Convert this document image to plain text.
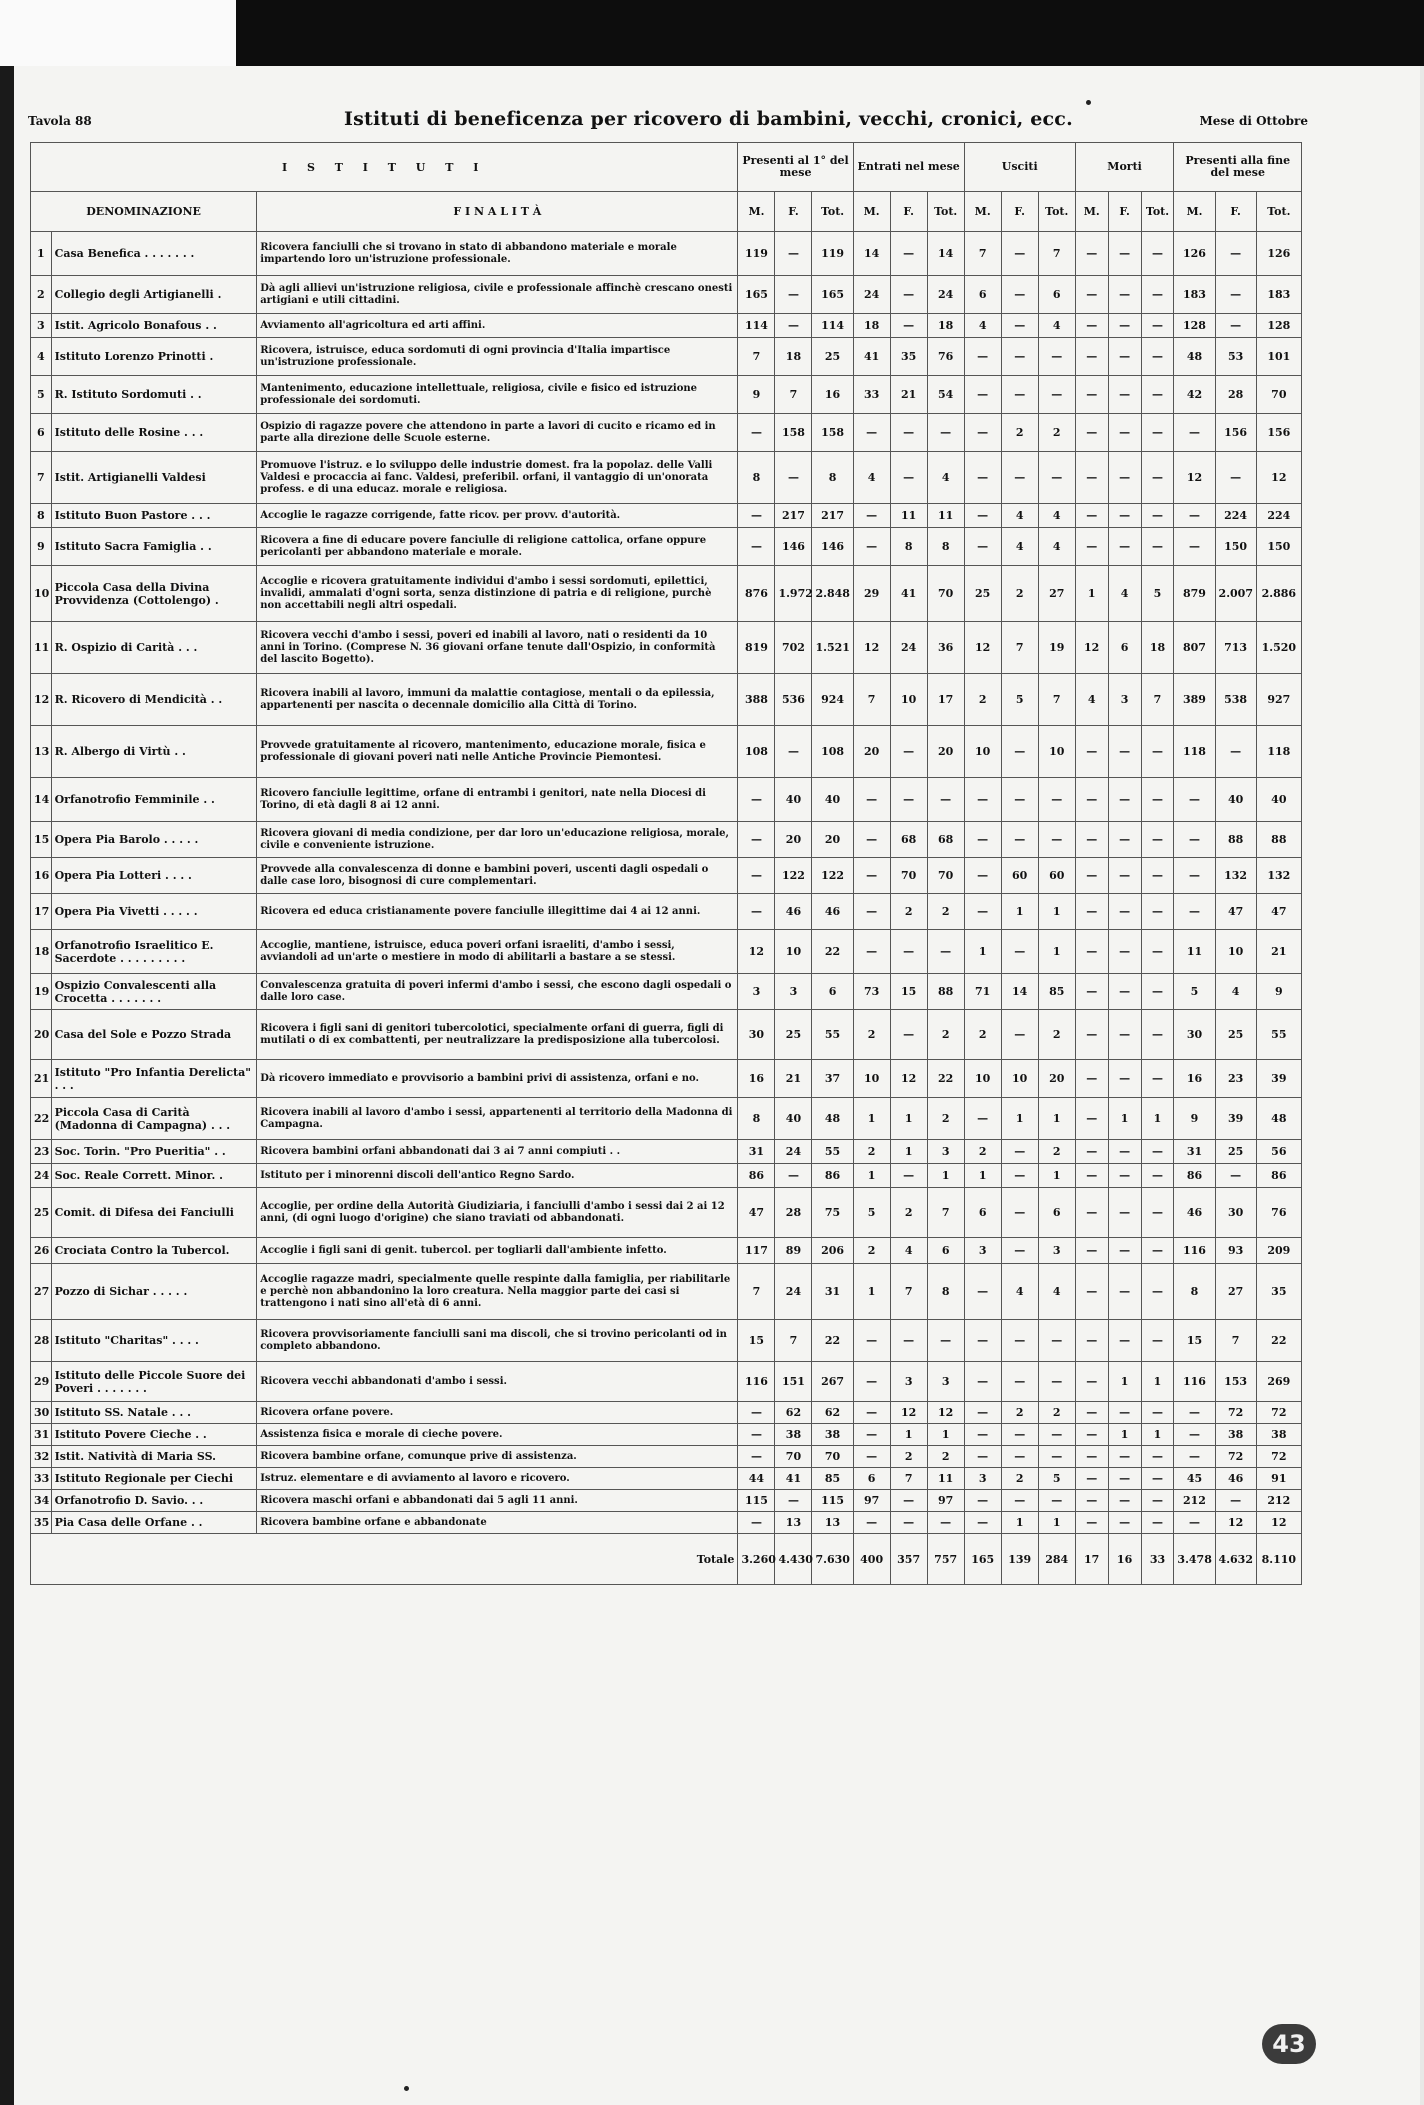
Tavola 88	Istituti di beneficenza per ricovero di bambini, vecchi, cronici, ecc.	Mese di Ottobre
I S T I T U T I			Presenti al 1° del mese			Entrati nel mese			Usciti			Morti			Presenti alla fine del mese		
DENOMINAZIONE		F I N A L I T À	M.	F.	Tot.	M.	F.	Tot.	M.	F.	Tot.	M.	F.	Tot.	M.	F.	Tot.
1	Casa Benefica . . . . . . .	Ricovera fanciulli che si trovano in stato di abbandono materiale e morale impartendo loro un'istruzione professionale.	119	—	119	14	—	14	7	—	7	—	—	—	126	—	126
2	Collegio degli Artigianelli .	Dà agli allievi un'istruzione religiosa, civile e professionale affinchè crescano onesti artigiani e utili cittadini.	165	—	165	24	—	24	6	—	6	—	—	—	183	—	183
3	Istit. Agricolo Bonafous . .	Avviamento all'agricoltura ed arti affini.	114	—	114	18	—	18	4	—	4	—	—	—	128	—	128
4	Istituto Lorenzo Prinotti .	Ricovera, istruisce, educa sordomuti di ogni provincia d'Italia impartisce un'istruzione professionale.	7	18	25	41	35	76	—	—	—	—	—	—	48	53	101
5	R. Istituto Sordomuti . .	Mantenimento, educazione intellettuale, religiosa, civile e fisico ed istruzione professionale dei sordomuti.	9	7	16	33	21	54	—	—	—	—	—	—	42	28	70
6	Istituto delle Rosine . . .	Ospizio di ragazze povere che attendono in parte a lavori di cucito e ricamo ed in parte alla direzione delle Scuole esterne.	—	158	158	—	—	—	—	2	2	—	—	—	—	156	156
7	Istit. Artigianelli Valdesi	Promuove l'istruz. e lo sviluppo delle industrie domest. fra la popolaz. delle Valli Valdesi e procaccia ai fanc. Valdesi, preferibil. orfani, il vantaggio di un'onorata profess. e di una educaz. morale e religiosa.	8	—	8	4	—	4	—	—	—	—	—	—	12	—	12
8	Istituto Buon Pastore . . .	Accoglie le ragazze corrigende, fatte ricov. per provv. d'autorità.	—	217	217	—	11	11	—	4	4	—	—	—	—	224	224
9	Istituto Sacra Famiglia . .	Ricovera a fine di educare povere fanciulle di religione cattolica, orfane oppure pericolanti per abbandono materiale e morale.	—	146	146	—	8	8	—	4	4	—	—	—	—	150	150
10	Piccola Casa della Divina Provvidenza (Cottolengo) .	Accoglie e ricovera gratuitamente individui d'ambo i sessi sordomuti, epilettici, invalidi, ammalati d'ogni sorta, senza distinzione di patria e di religione, purchè non accettabili negli altri ospedali.	876	1.972	2.848	29	41	70	25	2	27	1	4	5	879	2.007	2.886
11	R. Ospizio di Carità . . .	Ricovera vecchi d'ambo i sessi, poveri ed inabili al lavoro, nati o residenti da 10 anni in Torino. (Comprese N. 36 giovani orfane tenute dall'Ospizio, in conformità del lascito Bogetto).	819	702	1.521	12	24	36	12	7	19	12	6	18	807	713	1.520
12	R. Ricovero di Mendicità . .	Ricovera inabili al lavoro, immuni da malattie contagiose, mentali o da epilessia, appartenenti per nascita o decennale domicilio alla Città di Torino.	388	536	924	7	10	17	2	5	7	4	3	7	389	538	927
13	R. Albergo di Virtù . .	Provvede gratuitamente al ricovero, mantenimento, educazione morale, fisica e professionale di giovani poveri nati nelle Antiche Provincie Piemontesi.	108	—	108	20	—	20	10	—	10	—	—	—	118	—	118
14	Orfanotrofio Femminile . .	Ricovero fanciulle legittime, orfane di entrambi i genitori, nate nella Diocesi di Torino, di età dagli 8 ai 12 anni.	—	40	40	—	—	—	—	—	—	—	—	—	—	40	40
15	Opera Pia Barolo . . . . .	Ricovera giovani di media condizione, per dar loro un'educazione religiosa, morale, civile e conveniente istruzione.	—	20	20	—	68	68	—	—	—	—	—	—	—	88	88
16	Opera Pia Lotteri . . . .	Provvede alla convalescenza di donne e bambini poveri, uscenti dagli ospedali o dalle case loro, bisognosi di cure complementari.	—	122	122	—	70	70	—	60	60	—	—	—	—	132	132
17	Opera Pia Vivetti . . . . .	Ricovera ed educa cristianamente povere fanciulle illegittime dai 4 ai 12 anni.	—	46	46	—	2	2	—	1	1	—	—	—	—	47	47
18	Orfanotrofio Israelitico E. Sacerdote . . . . . . . . .	Accoglie, mantiene, istruisce, educa poveri orfani israeliti, d'ambo i sessi, avviandoli ad un'arte o mestiere in modo di abilitarli a bastare a se stessi.	12	10	22	—	—	—	1	—	1	—	—	—	11	10	21
19	Ospizio Convalescenti alla Crocetta . . . . . . .	Convalescenza gratuita di poveri infermi d'ambo i sessi, che escono dagli ospedali o dalle loro case.	3	3	6	73	15	88	71	14	85	—	—	—	5	4	9
20	Casa del Sole e Pozzo Strada	Ricovera i figli sani di genitori tubercolotici, specialmente orfani di guerra, figli di mutilati o di ex combattenti, per neutralizzare la predisposizione alla tubercolosi.	30	25	55	2	—	2	2	—	2	—	—	—	30	25	55
21	Istituto "Pro Infantia Derelicta" . . .	Dà ricovero immediato e provvisorio a bambini privi di assistenza, orfani e no.	16	21	37	10	12	22	10	10	20	—	—	—	16	23	39
22	Piccola Casa di Carità (Madonna di Campagna) . . .	Ricovera inabili al lavoro d'ambo i sessi, appartenenti al territorio della Madonna di Campagna.	8	40	48	1	1	2	—	1	1	—	1	1	9	39	48
23	Soc. Torin. "Pro Pueritia" . .	Ricovera bambini orfani abbandonati dai 3 ai 7 anni compiuti . .	31	24	55	2	1	3	2	—	2	—	—	—	31	25	56
24	Soc. Reale Corrett. Minor. .	Istituto per i minorenni discoli dell'antico Regno Sardo.	86	—	86	1	—	1	1	—	1	—	—	—	86	—	86
25	Comit. di Difesa dei Fanciulli	Accoglie, per ordine della Autorità Giudiziaria, i fanciulli d'ambo i sessi dai 2 ai 12 anni, (di ogni luogo d'origine) che siano traviati od abbandonati.	47	28	75	5	2	7	6	—	6	—	—	—	46	30	76
26	Crociata Contro la Tubercol.	Accoglie i figli sani di genit. tubercol. per togliarli dall'ambiente infetto.	117	89	206	2	4	6	3	—	3	—	—	—	116	93	209
27	Pozzo di Sichar . . . . .	Accoglie ragazze madri, specialmente quelle respinte dalla famiglia, per riabilitarle e perchè non abbandonino la loro creatura. Nella maggior parte dei casi si trattengono i nati sino all'età di 6 anni.	7	24	31	1	7	8	—	4	4	—	—	—	8	27	35
28	Istituto "Charitas" . . . .	Ricovera provvisoriamente fanciulli sani ma discoli, che si trovino pericolanti od in completo abbandono.	15	7	22	—	—	—	—	—	—	—	—	—	15	7	22
29	Istituto delle Piccole Suore dei Poveri . . . . . . .	Ricovera vecchi abbandonati d'ambo i sessi.	116	151	267	—	3	3	—	—	—	—	1	1	116	153	269
30	Istituto SS. Natale . . .	Ricovera orfane povere.	—	62	62	—	12	12	—	2	2	—	—	—	—	72	72
31	Istituto Povere Cieche . .	Assistenza fisica e morale di cieche povere.	—	38	38	—	1	1	—	—	—	—	1	1	—	38	38
32	Istit. Natività di Maria SS.	Ricovera bambine orfane, comunque prive di assistenza.	—	70	70	—	2	2	—	—	—	—	—	—	—	72	72
33	Istituto Regionale per Ciechi	Istruz. elementare e di avviamento al lavoro e ricovero.	44	41	85	6	7	11	3	2	5	—	—	—	45	46	91
34	Orfanotrofio D. Savio. . .	Ricovera maschi orfani e abbandonati dai 5 agli 11 anni.	115	—	115	97	—	97	—	—	—	—	—	—	212	—	212
35	Pia Casa delle Orfane . .	Ricovera bambine orfane e abbandonate	—	13	13	—	—	—	—	1	1	—	—	—	—	12	12
Totale			3.260	4.430	7.630	400	357	757	165	139	284	17	16	33	3.478	4.632	8.110
43
